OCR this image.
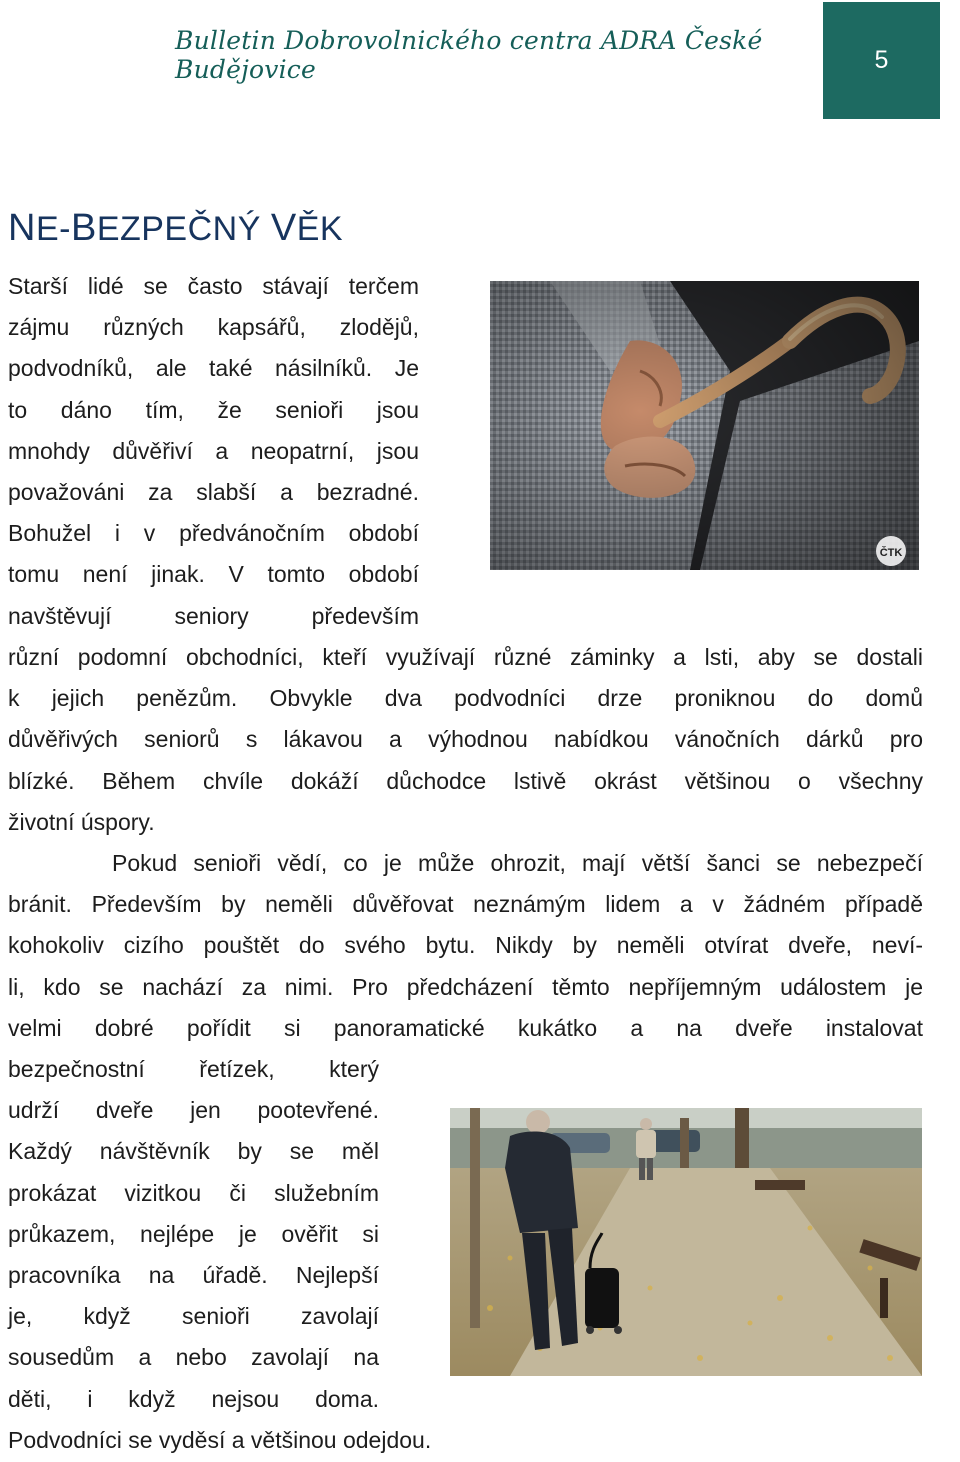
Bulletin Dobrovolnického centra ADRA České Budějovice	5
NE-BEZPEČNÝ VĚK
ČTK
Starší lidé se často stávají terčem
zájmu různých kapsářů, zlodějů,
podvodníků, ale také násilníků. Je
to dáno tím, že senioři jsou
mnohdy důvěřiví a neopatrní, jsou
považováni za slabší a bezradné.
Bohužel i v předvánočním období
tomu není jinak. V tomto období
navštěvují seniory především
různí podomní obchodníci, kteří využívají různé záminky a lsti, aby se dostali
k jejich penězům. Obvykle dva podvodníci drze proniknou do domů
důvěřivých seniorů s lákavou a výhodnou nabídkou vánočních dárků pro
blízké. Během chvíle dokáží důchodce lstivě okrást většinou o všechny
životní úspory.
Pokud senioři vědí, co je může ohrozit, mají větší šanci se nebezpečí
bránit. Především by neměli důvěřovat neznámým lidem a v žádném případě
kohokoliv cizího pouštět do svého bytu. Nikdy by neměli otvírat dveře, neví-
li, kdo se nachází za nimi. Pro předcházení těmto nepříjemným událostem je
velmi dobré pořídit si panoramatické kukátko a na dveře instalovat
bezpečnostní řetízek, který
udrží dveře jen pootevřené.
Každý návštěvník by se měl
prokázat vizitkou či služebním
průkazem, nejlépe je ověřit si
pracovníka na úřadě. Nejlepší
je, když senioři zavolají
sousedům a nebo zavolají na
děti, i když nejsou doma.
Podvodníci se vyděsí a většinou odejdou.
